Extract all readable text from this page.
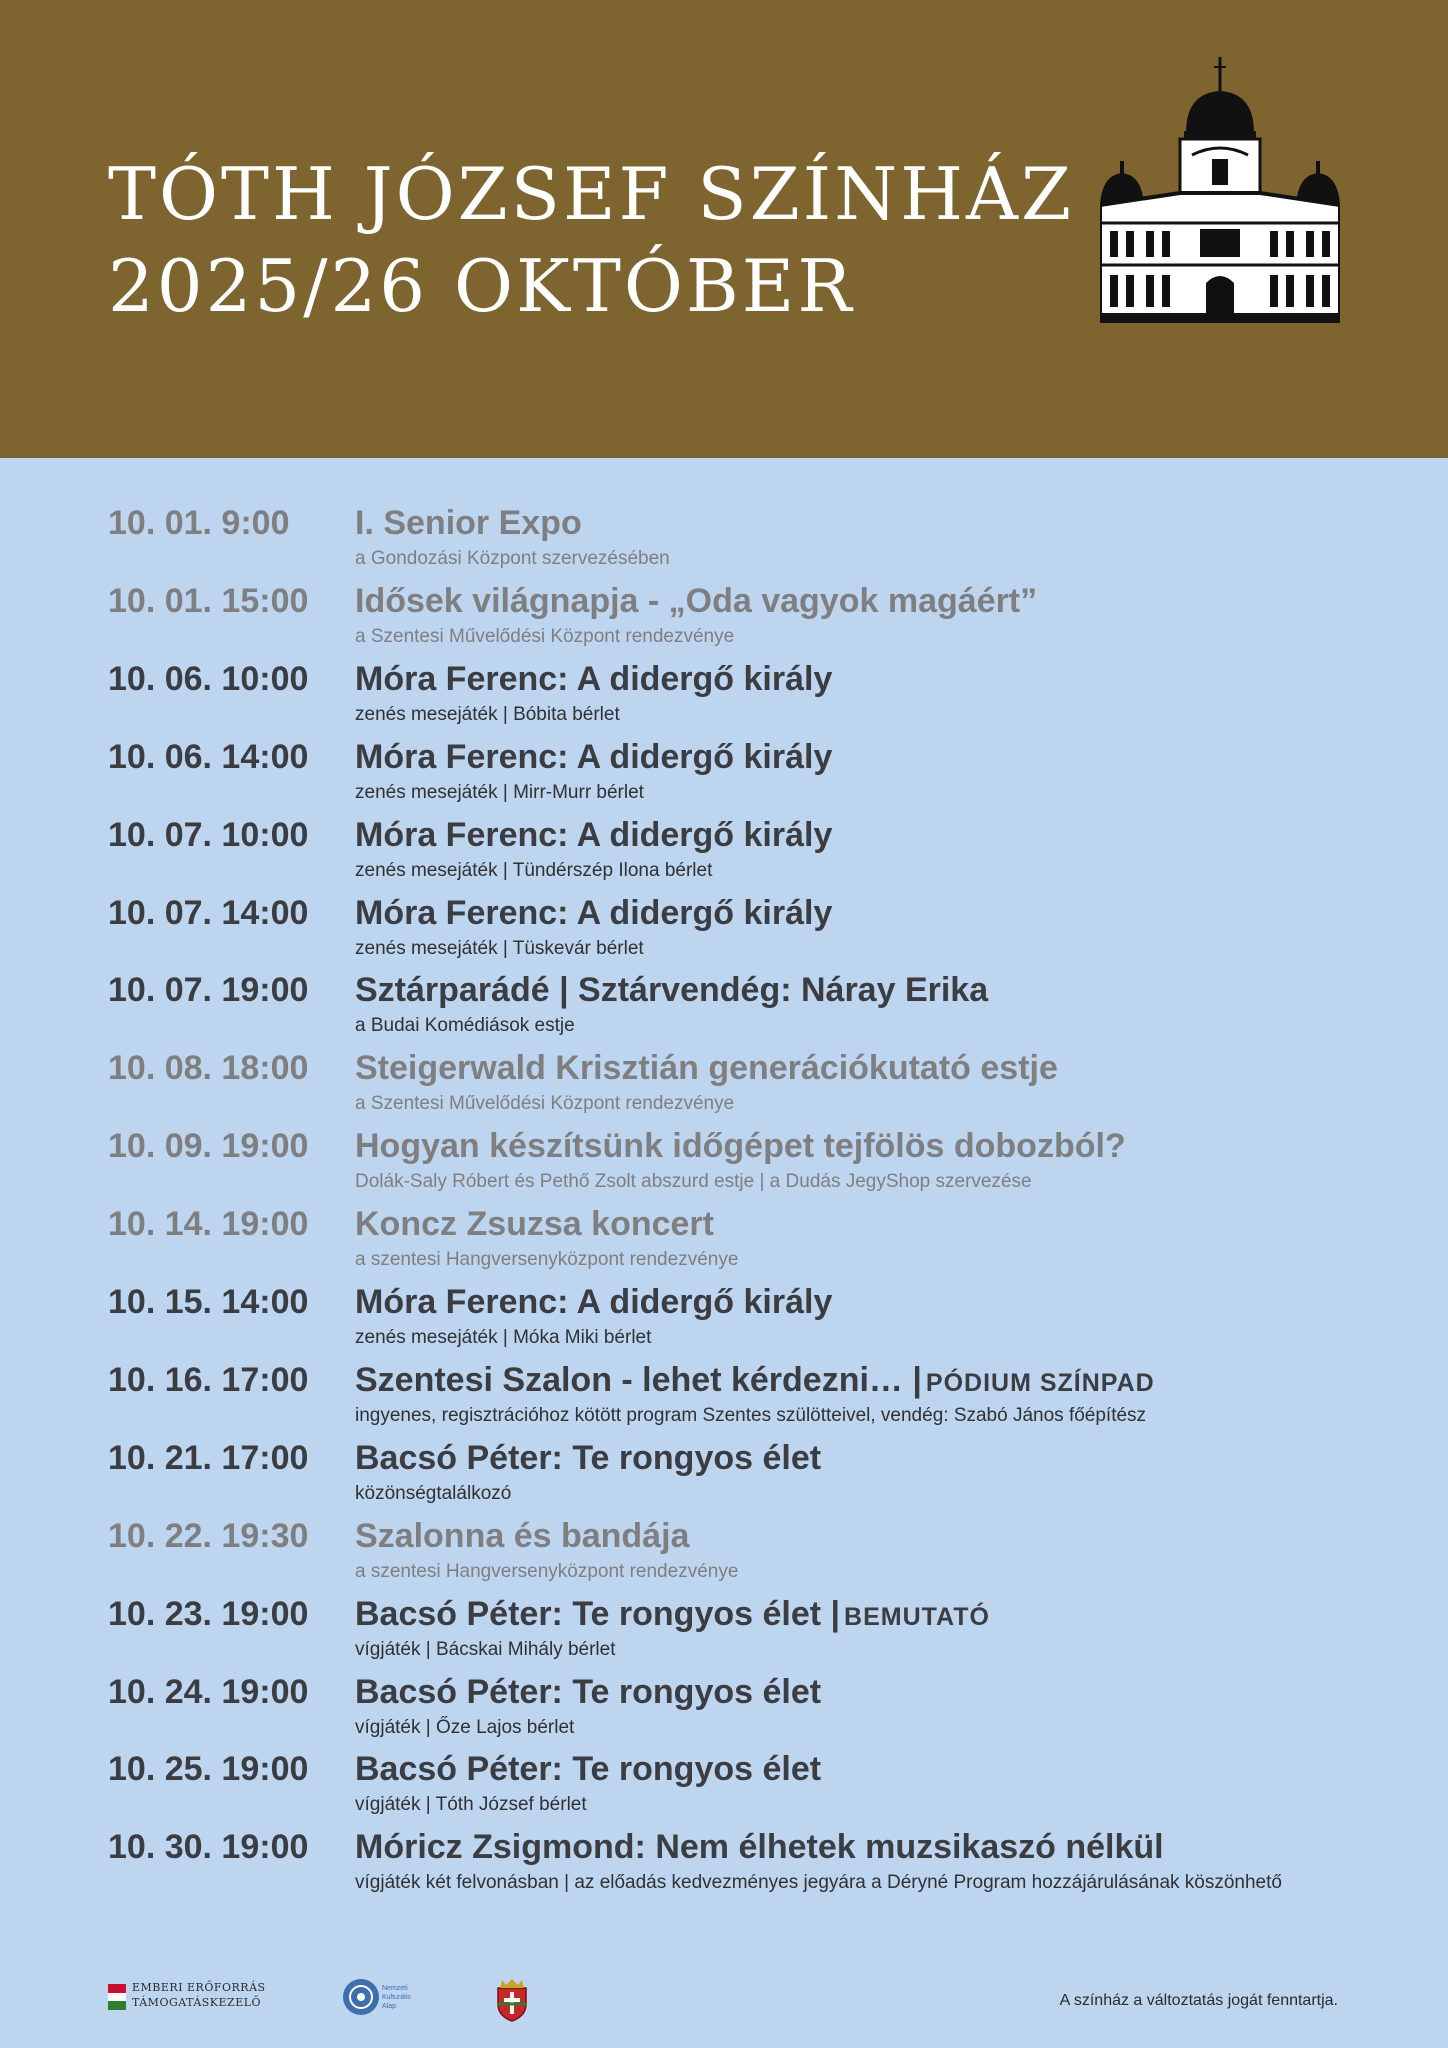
TÓTH JÓZSEF SZÍNHÁZ
2025/26 OKTÓBER
10. 01. 9:00 I. Senior Expo
a Gondozási Központ szervezésében
10. 01. 15:00 Idősek világnapja - „Oda vagyok magáért”
a Szentesi Művelődési Központ rendezvénye
10. 06. 10:00 Móra Ferenc: A didergő király
zenés mesejáték | Bóbita bérlet
10. 06. 14:00 Móra Ferenc: A didergő király
zenés mesejáték | Mirr-Murr bérlet
10. 07. 10:00 Móra Ferenc: A didergő király
zenés mesejáték | Tündérszép Ilona bérlet
10. 07. 14:00 Móra Ferenc: A didergő király
zenés mesejáték | Tüskevár bérlet
10. 07. 19:00 Sztárparádé | Sztárvendég: Náray Erika
a Budai Komédiások estje
10. 08. 18:00 Steigerwald Krisztián generációkutató estje
a Szentesi Művelődési Központ rendezvénye
10. 09. 19:00 Hogyan készítsünk időgépet tejfölös dobozból?
Dolák-Saly Róbert és Pethő Zsolt abszurd estje | a Dudás JegyShop szervezése
10. 14. 19:00 Koncz Zsuzsa koncert
a szentesi Hangversenyközpont rendezvénye
10. 15. 14:00 Móra Ferenc: A didergő király
zenés mesejáték | Móka Miki bérlet
10. 16. 17:00 Szentesi Szalon - lehet kérdezni… | PÓDIUM SZÍNPAD
ingyenes, regisztrációhoz kötött program Szentes szülötteivel, vendég: Szabó János főépítész
10. 21. 17:00 Bacsó Péter: Te rongyos élet
közönségtalálkozó
10. 22. 19:30 Szalonna és bandája
a szentesi Hangversenyközpont rendezvénye
10. 23. 19:00 Bacsó Péter: Te rongyos élet | BEMUTATÓ
vígjáték | Bácskai Mihály bérlet
10. 24. 19:00 Bacsó Péter: Te rongyos élet
vígjáték | Őze Lajos bérlet
10. 25. 19:00 Bacsó Péter: Te rongyos élet
vígjáték | Tóth József bérlet
10. 30. 19:00 Móricz Zsigmond: Nem élhetek muzsikaszó nélkül
vígjáték két felvonásban | az előadás kedvezményes jegyára a Déryné Program hozzájárulásának köszönhető
EMBERI ERŐFORRÁS
TÁMOGATÁSKEZELŐ
Nemzeti
Kulturális
Alap	A színház a változtatás jogát fenntartja.
